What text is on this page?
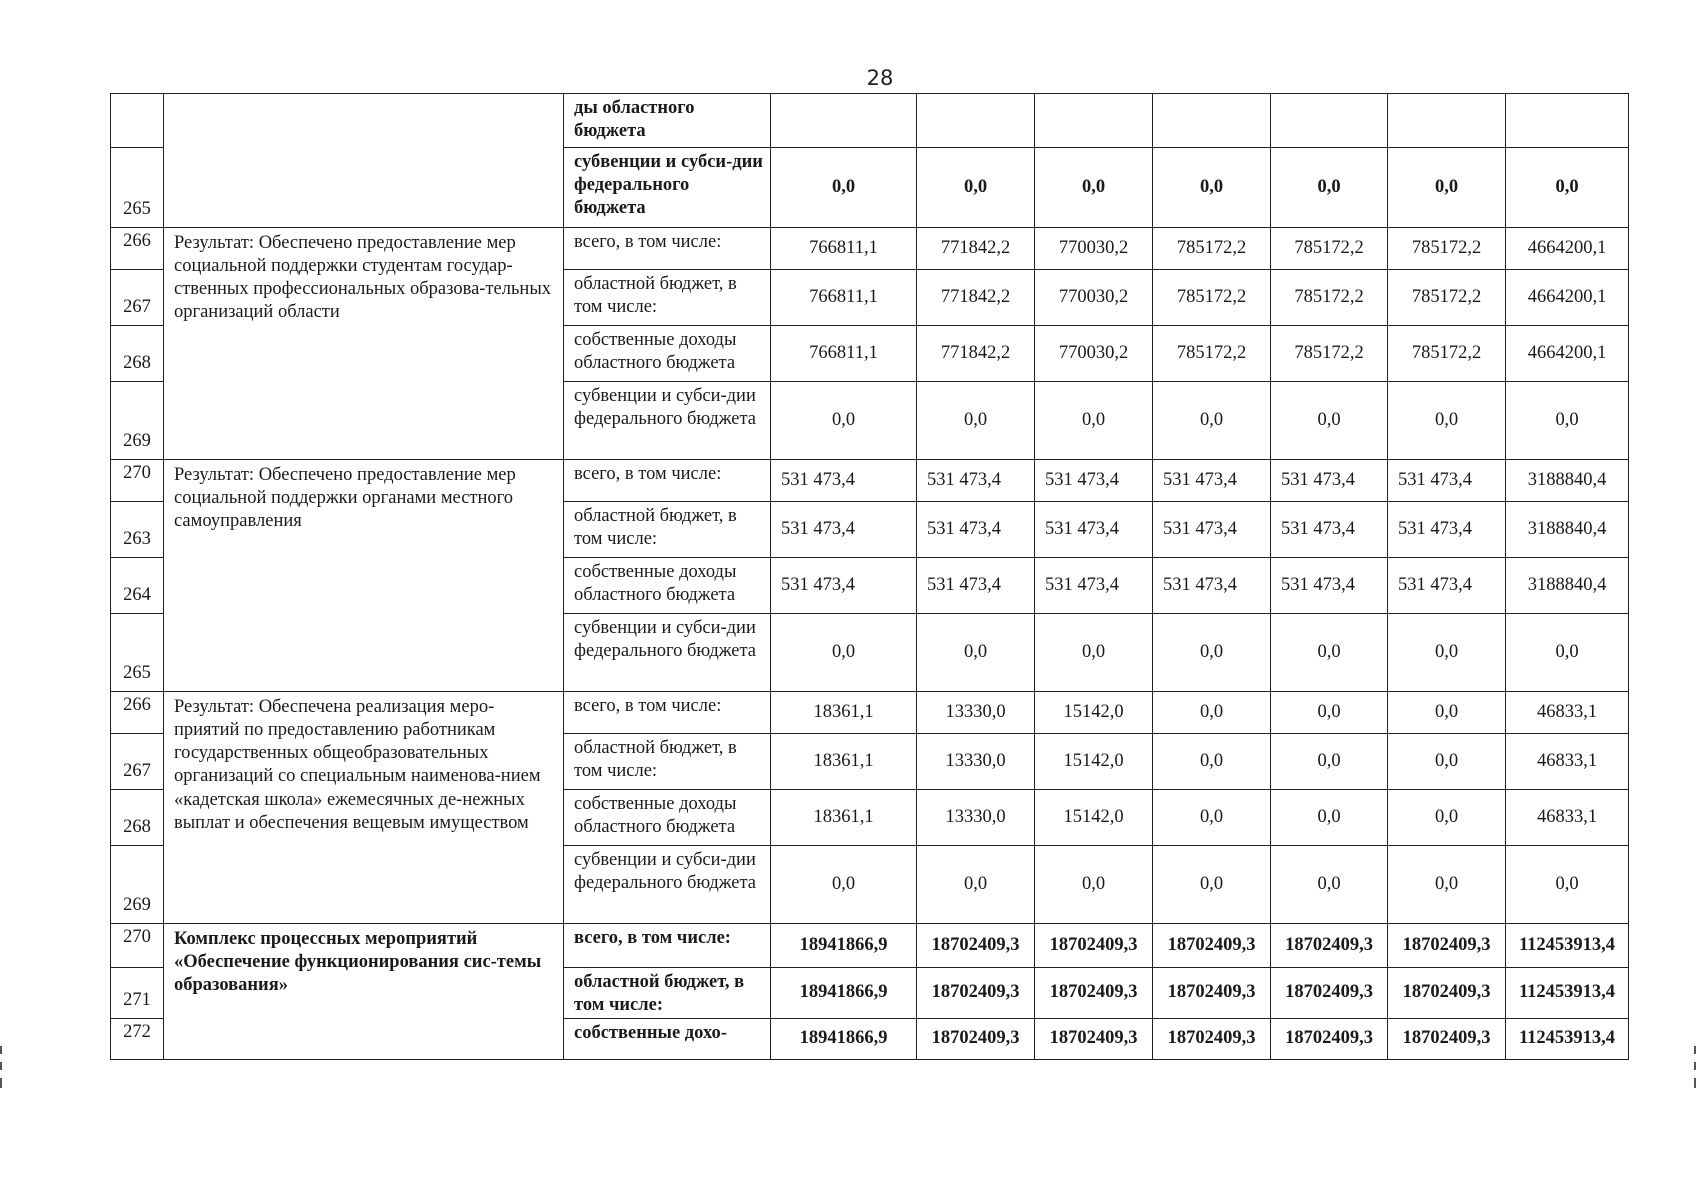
28
		ды областного бюджета							
265		субвенции и субси-дии федерального бюджета	0,0	0,0	0,0	0,0	0,0	0,0	0,0
266	Результат: Обеспечено предоставление мер социальной поддержки студентам государ-ственных профессиональных образова-тельных организаций области	всего, в том числе:	766811,1	771842,2	770030,2	785172,2	785172,2	785172,2	4664200,1
267		областной бюджет, в том числе:	766811,1	771842,2	770030,2	785172,2	785172,2	785172,2	4664200,1
268		собственные доходы областного бюджета	766811,1	771842,2	770030,2	785172,2	785172,2	785172,2	4664200,1
269		субвенции и субси-дии федерального бюджета	0,0	0,0	0,0	0,0	0,0	0,0	0,0
270	Результат: Обеспечено предоставление мер социальной поддержки органами местного самоуправления	всего, в том числе:	531 473,4	531 473,4	531 473,4	531 473,4	531 473,4	531 473,4	3188840,4
263		областной бюджет, в том числе:	531 473,4	531 473,4	531 473,4	531 473,4	531 473,4	531 473,4	3188840,4
264		собственные доходы областного бюджета	531 473,4	531 473,4	531 473,4	531 473,4	531 473,4	531 473,4	3188840,4
265		субвенции и субси-дии федерального бюджета	0,0	0,0	0,0	0,0	0,0	0,0	0,0
266	Результат: Обеспечена реализация меро-приятий по предоставлению работникам государственных общеобразовательных организаций со специальным наименова-нием «кадетская школа» ежемесячных де-нежных выплат и обеспечения вещевым имуществом	всего, в том числе:	18361,1	13330,0	15142,0	0,0	0,0	0,0	46833,1
267		областной бюджет, в том числе:	18361,1	13330,0	15142,0	0,0	0,0	0,0	46833,1
268		собственные доходы областного бюджета	18361,1	13330,0	15142,0	0,0	0,0	0,0	46833,1
269		субвенции и субси-дии федерального бюджета	0,0	0,0	0,0	0,0	0,0	0,0	0,0
270	Комплекс процессных мероприятий «Обеспечение функционирования сис-темы образования»	всего, в том числе:	18941866,9	18702409,3	18702409,3	18702409,3	18702409,3	18702409,3	112453913,4
271		областной бюджет, в том числе:	18941866,9	18702409,3	18702409,3	18702409,3	18702409,3	18702409,3	112453913,4
272		собственные дохо-	18941866,9	18702409,3	18702409,3	18702409,3	18702409,3	18702409,3	112453913,4
